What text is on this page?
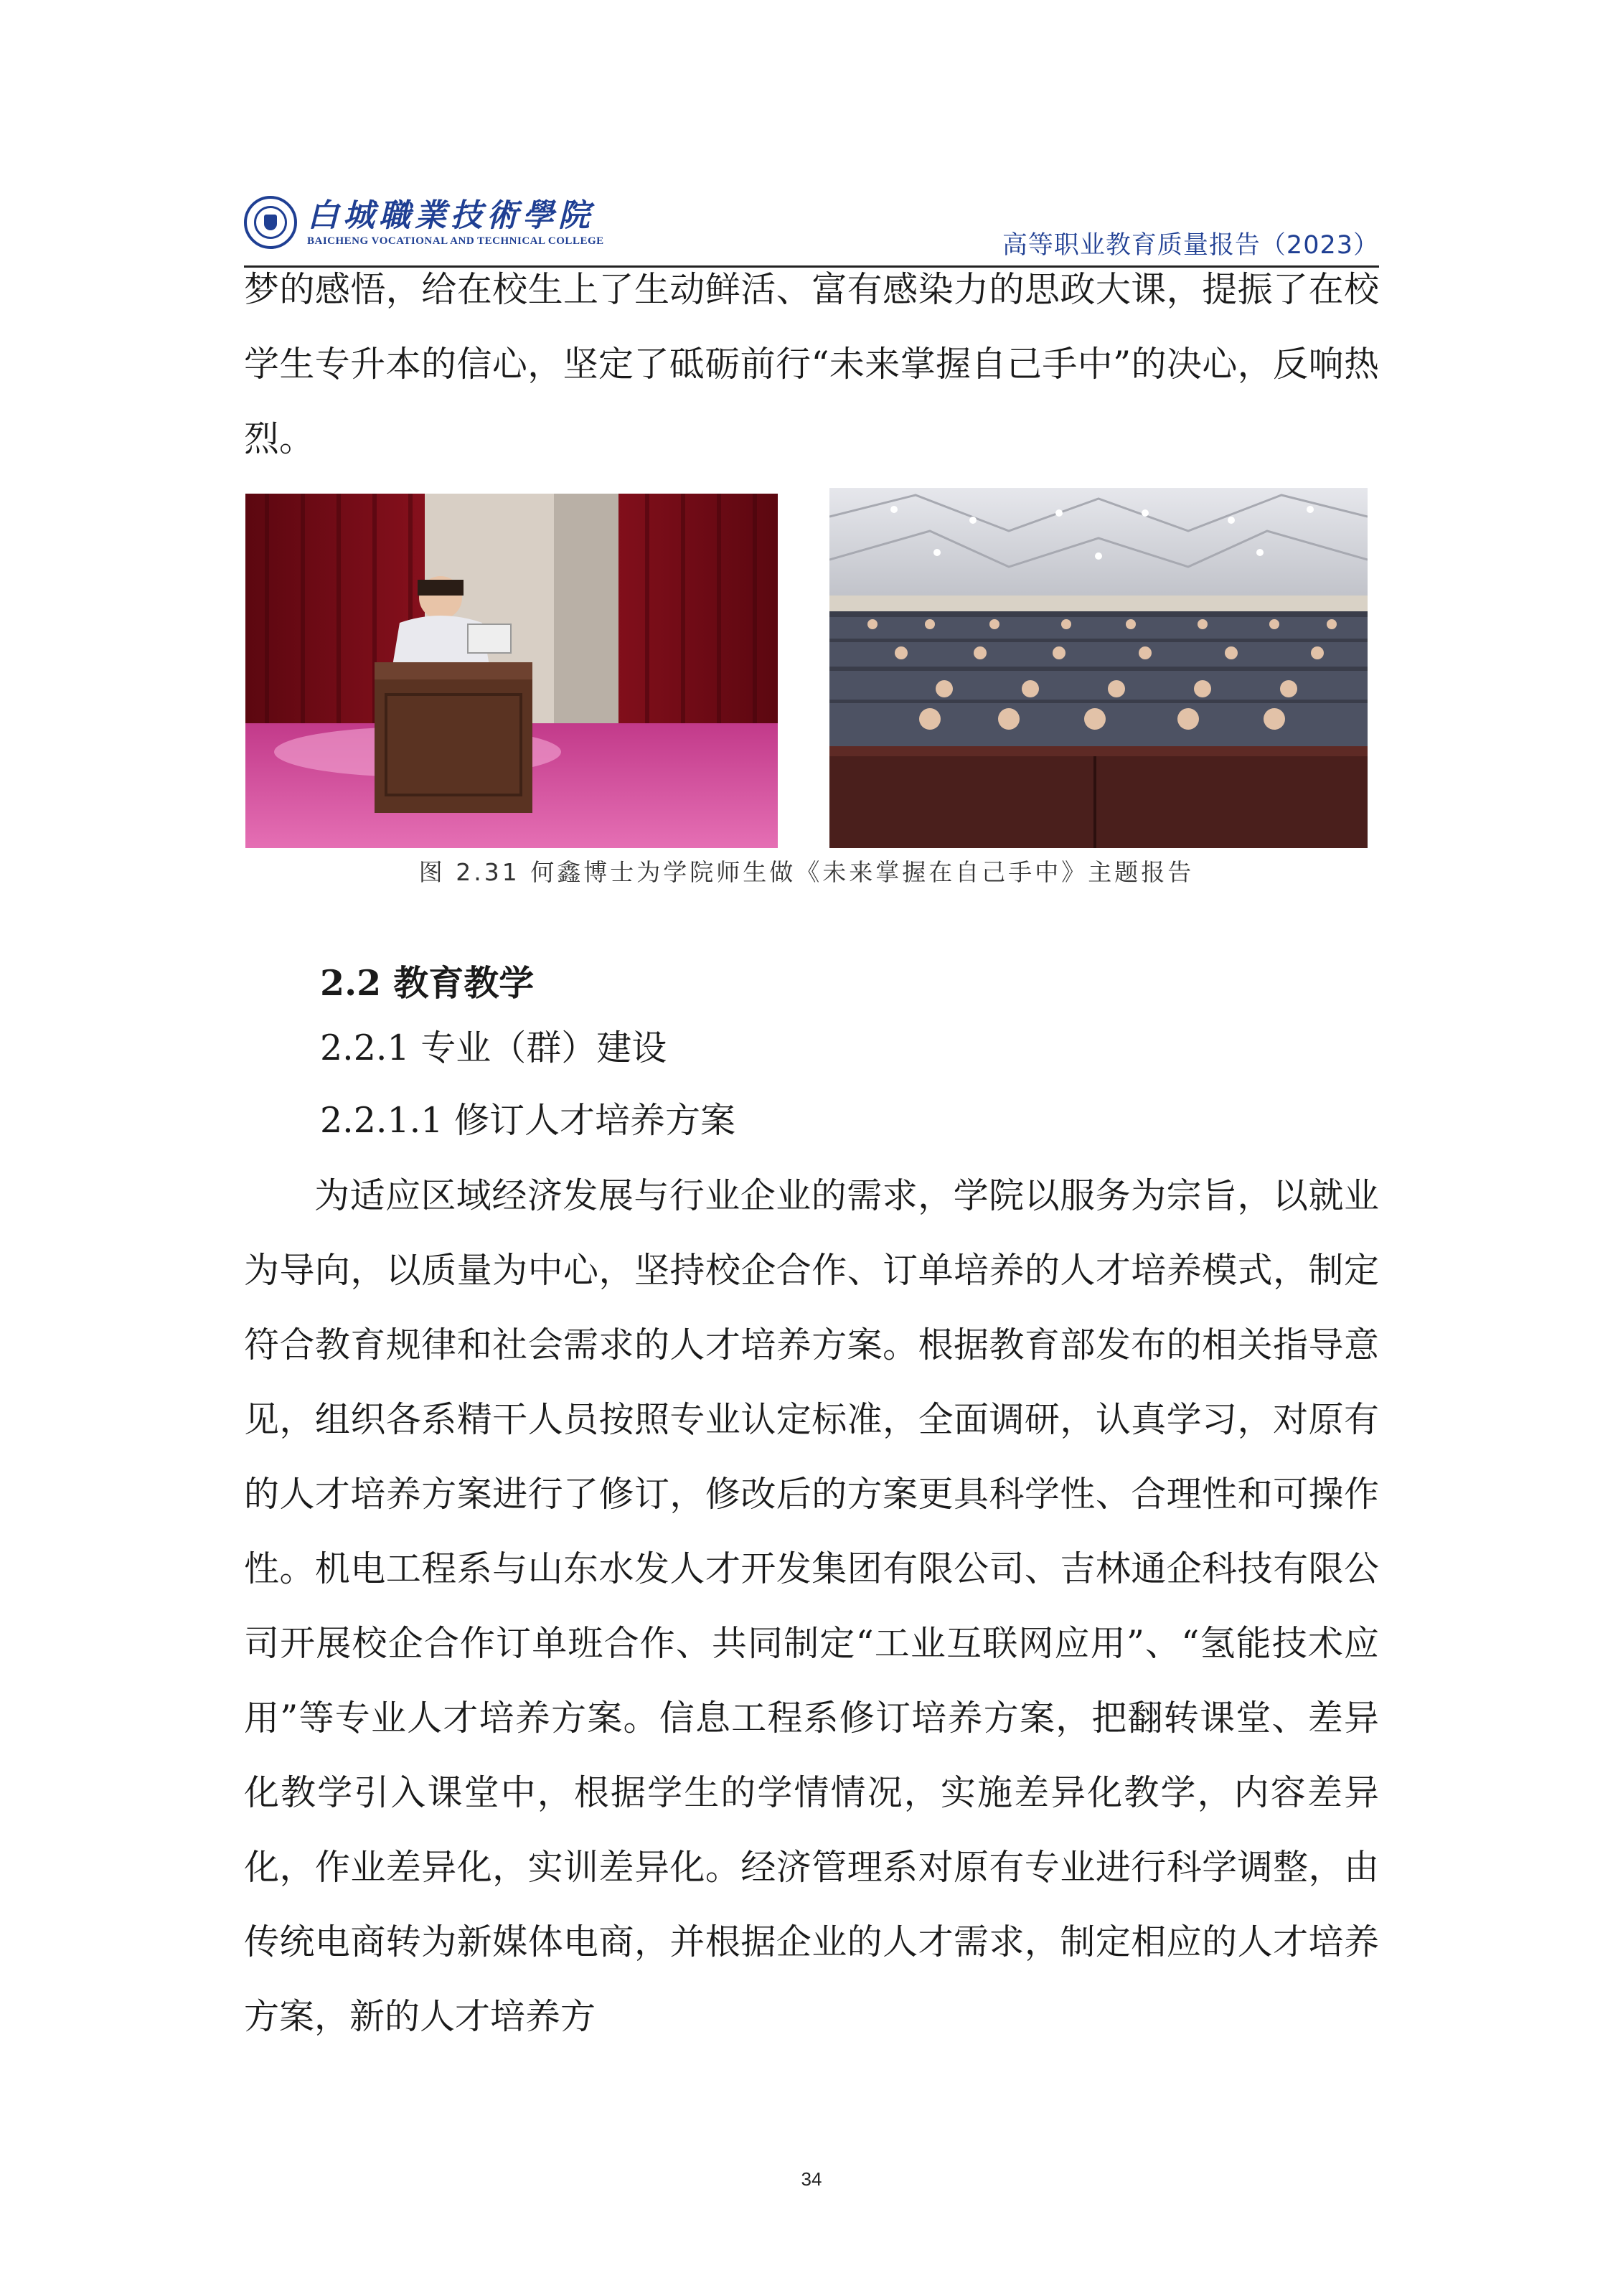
白城職業技術學院
BAICHENG VOCATIONAL AND TECHNICAL COLLEGE	高等职业教育质量报告（2023）
梦的感悟，给在校生上了生动鲜活、富有感染力的思政大课，提振了在校学生专升本的信心，坚定了砥砺前行“未来掌握自己手中”的决心，反响热烈。
图 2.31 何鑫博士为学院师生做《未来掌握在自己手中》主题报告
2.2 教育教学
2.2.1 专业（群）建设
2.2.1.1 修订人才培养方案
为适应区域经济发展与行业企业的需求，学院以服务为宗旨，以就业为导向，以质量为中心，坚持校企合作、订单培养的人才培养模式，制定符合教育规律和社会需求的人才培养方案。根据教育部发布的相关指导意见，组织各系精干人员按照专业认定标准，全面调研，认真学习，对原有的人才培养方案进行了修订，修改后的方案更具科学性、合理性和可操作性。机电工程系与山东水发人才开发集团有限公司、吉林通企科技有限公司开展校企合作订单班合作、共同制定“工业互联网应用”、“氢能技术应用”等专业人才培养方案。信息工程系修订培养方案，把翻转课堂、差异化教学引入课堂中，根据学生的学情情况，实施差异化教学，内容差异化，作业差异化，实训差异化。经济管理系对原有专业进行科学调整，由传统电商转为新媒体电商，并根据企业的人才需求，制定相应的人才培养方案，新的人才培养方
34
